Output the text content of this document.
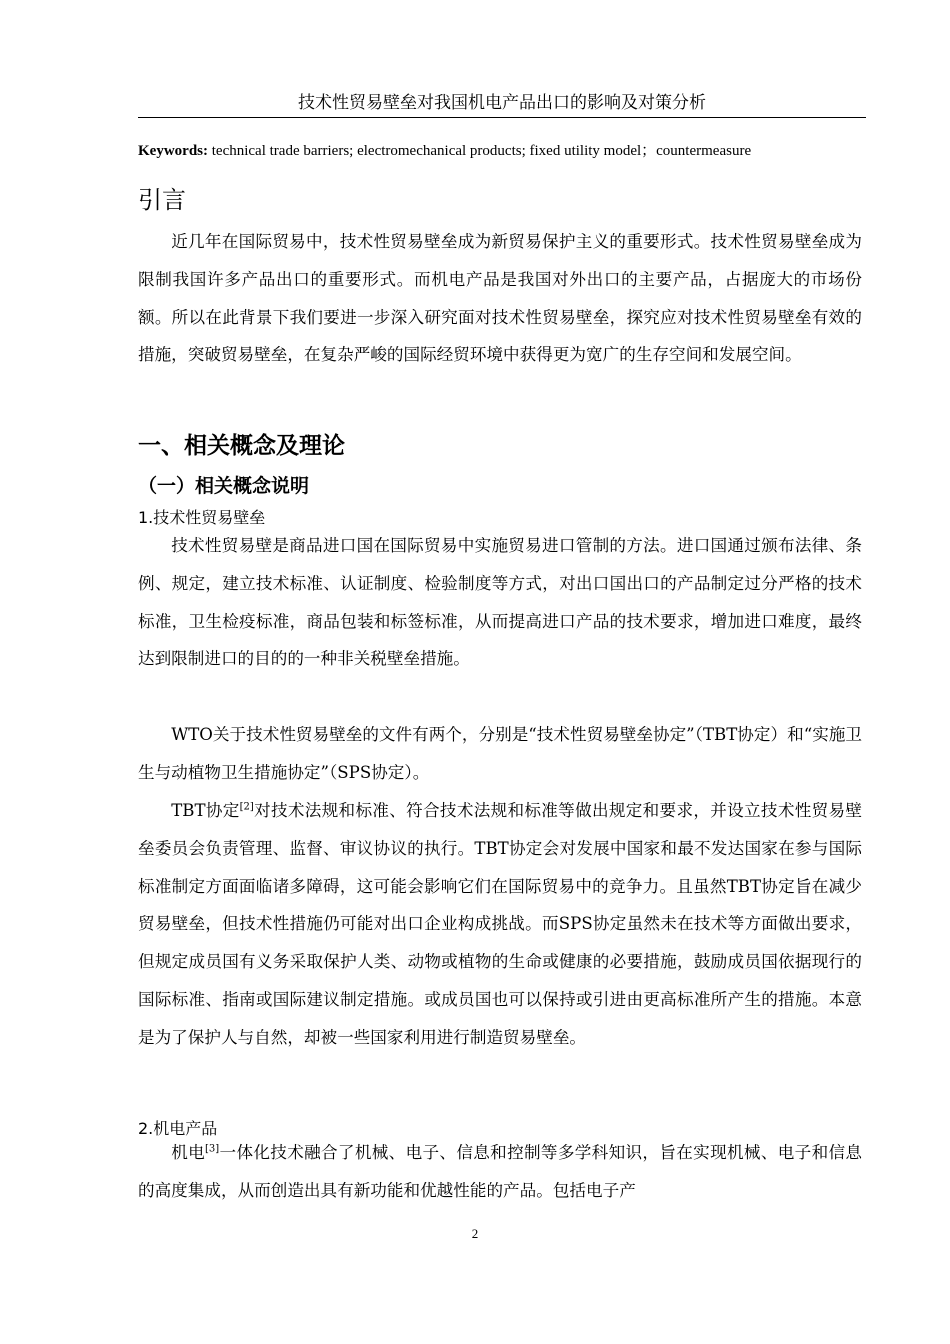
技术性贸易壁垒对我国机电产品出口的影响及对策分析
Keywords: technical trade barriers; electromechanical products; fixed utility model；countermeasure
引言

近几年在国际贸易中，技术性贸易壁垒成为新贸易保护主义的重要形式。技术性贸易壁垒成为限制我国许多产品出口的重要形式。而机电产品是我国对外出口的主要产品，占据庞大的市场份额。所以在此背景下我们要进一步深入研究面对技术性贸易壁垒，探究应对技术性贸易壁垒有效的措施，突破贸易壁垒，在复杂严峻的国际经贸环境中获得更为宽广的生存空间和发展空间。

一、相关概念及理论
（一）相关概念说明
1.技术性贸易壁垒

技术性贸易壁是商品进口国在国际贸易中实施贸易进口管制的方法。进口国通过颁布法律、条例、规定，建立技术标准、认证制度、检验制度等方式，对出口国出口的产品制定过分严格的技术标准，卫生检疫标准，商品包装和标签标准，从而提高进口产品的技术要求，增加进口难度，最终达到限制进口的目的的一种非关税壁垒措施。

WTO关于技术性贸易壁垒的文件有两个，分别是“技术性贸易壁垒协定”（TBT协定）和“实施卫生与动植物卫生措施协定”（SPS协定）。

TBT协定[2]对技术法规和标准、符合技术法规和标准等做出规定和要求，并设立技术性贸易壁垒委员会负责管理、监督、审议协议的执行。TBT协定会对发展中国家和最不发达国家在参与国际标准制定方面面临诸多障碍，这可能会影响它们在国际贸易中的竞争力。且虽然TBT协定旨在减少贸易壁垒，但技术性措施仍可能对出口企业构成挑战。而SPS协定虽然未在技术等方面做出要求，但规定成员国有义务采取保护人类、动物或植物的生命或健康的必要措施，鼓励成员国依据现行的国际标准、指南或国际建议制定措施。或成员国也可以保持或引进由更高标准所产生的措施。本意是为了保护人与自然，却被一些国家利用进行制造贸易壁垒。

2.机电产品

机电[3]一体化技术融合了机械、电子、信息和控制等多学科知识，旨在实现机械、电子和信息的高度集成，从而创造出具有新功能和优越性能的产品。包括电子产

2
